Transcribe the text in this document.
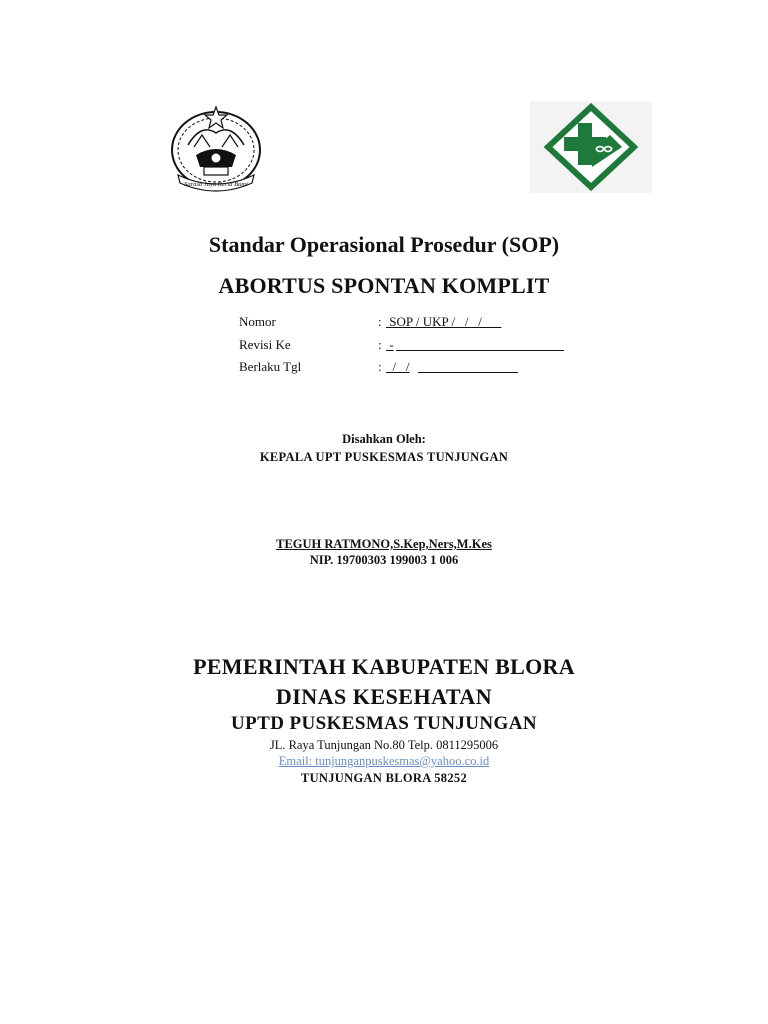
Sarasa Jaya Kerta Bumi
Standar Operasional Prosedur (SOP)
ABORTUS SPONTAN KOMPLIT
Nomor	: SOP / UKP /   /   /
Revisi Ke	: -
Berlaku Tgl	: /   /
Disahkan Oleh:
KEPALA UPT PUSKESMAS TUNJUNGAN
TEGUH RATMONO,S.Kep,Ners,M.Kes
NIP. 19700303 199003 1 006
PEMERINTAH KABUPATEN BLORA
DINAS KESEHATAN
UPTD PUSKESMAS TUNJUNGAN
JL. Raya Tunjungan No.80 Telp. 0811295006
Email: tunjunganpuskesmas@yahoo.co.id
TUNJUNGAN BLORA 58252
